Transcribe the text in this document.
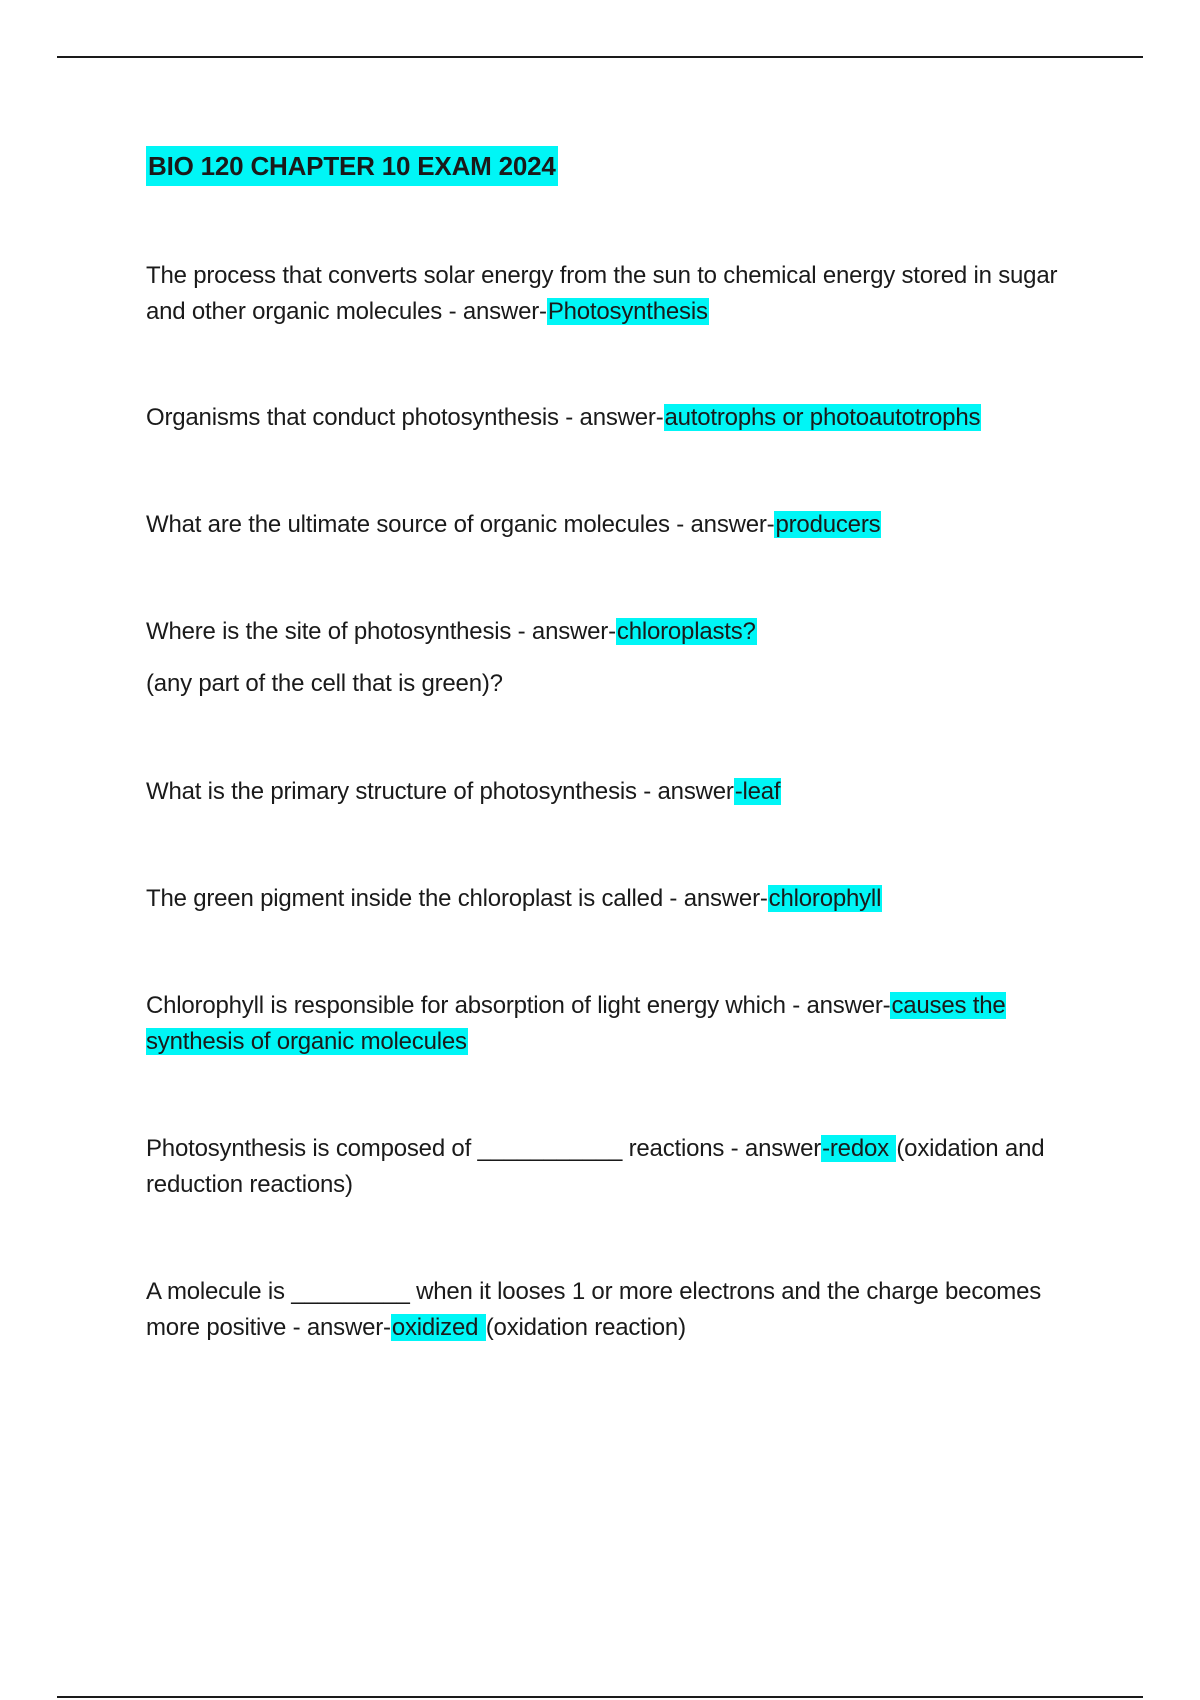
BIO 120 CHAPTER 10 EXAM 2024

The process that converts solar energy from the sun to chemical energy stored in sugar and other organic molecules - answer-Photosynthesis

Organisms that conduct photosynthesis - answer-autotrophs or photoautotrophs

What are the ultimate source of organic molecules - answer-producers

Where is the site of photosynthesis - answer-chloroplasts?

(any part of the cell that is green)?

What is the primary structure of photosynthesis - answer-leaf

The green pigment inside the chloroplast is called - answer-chlorophyll

Chlorophyll is responsible for absorption of light energy which - answer-causes the synthesis of organic molecules

Photosynthesis is composed of ___________ reactions - answer-redox (oxidation and reduction reactions)

A molecule is _________ when it looses 1 or more electrons and the charge becomes more positive - answer-oxidized (oxidation reaction)
